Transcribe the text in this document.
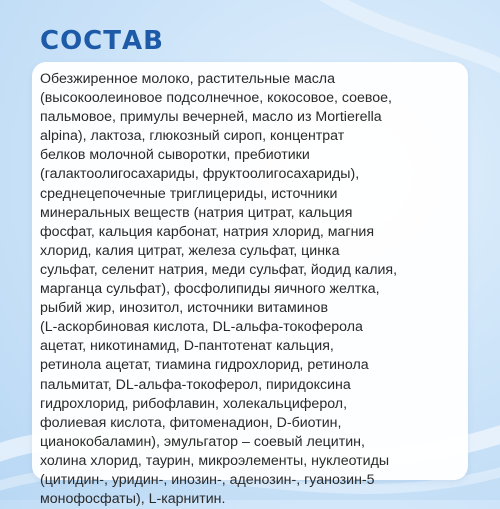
СОСТАВ
Обезжиренное молоко, растительные масла
(высокоолеиновое подсолнечное, кокосовое, соевое,
пальмовое, примулы вечерней, масло из Mortierella
alpina), лактоза, глюкозный сироп, концентрат
белков молочной сыворотки, пребиотики
(галактоолигосахариды, фруктоолигосахариды),
среднецепочечные триглицериды, источники
минеральных веществ (натрия цитрат, кальция
фосфат, кальция карбонат, натрия хлорид, магния
хлорид, калия цитрат, железа сульфат, цинка
сульфат, селенит натрия, меди сульфат, йодид калия,
марганца сульфат), фосфолипиды яичного желтка,
рыбий жир, инозитол, источники витаминов
(L-аскорбиновая кислота, DL-альфа-токоферола
ацетат, никотинамид, D-пантотенат кальция,
ретинола ацетат, тиамина гидрохлорид, ретинола
пальмитат, DL-альфа-токоферол, пиридоксина
гидрохлорид, рибофлавин, холекальциферол,
фолиевая кислота, фитоменадион, D-биотин,
цианокобаламин), эмульгатор – соевый лецитин,
холина хлорид, таурин, микроэлементы, нуклеотиды
(цитидин-, уридин-, инозин-, аденозин-, гуанозин-5
монофосфаты), L-карнитин.
